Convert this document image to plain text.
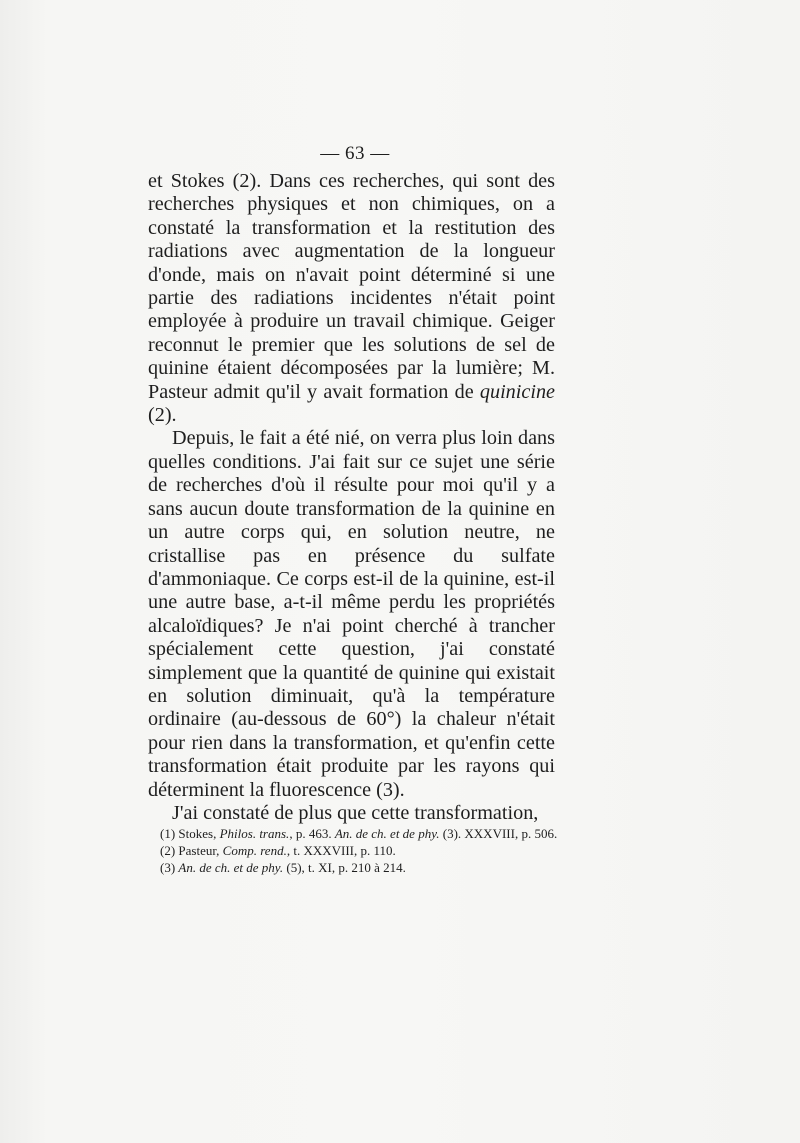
— 63 —

et Stokes (2). Dans ces recherches, qui sont des recherches physiques et non chimiques, on a constaté la transformation et la restitution des radiations avec augmentation de la longueur d'onde, mais on n'avait point déterminé si une partie des radiations incidentes n'était point employée à produire un travail chimique. Geiger reconnut le premier que les solutions de sel de quinine étaient décomposées par la lumière; M. Pasteur admit qu'il y avait formation de quinicine (2).

Depuis, le fait a été nié, on verra plus loin dans quelles conditions. J'ai fait sur ce sujet une série de recherches d'où il résulte pour moi qu'il y a sans aucun doute transformation de la quinine en un autre corps qui, en solution neutre, ne cristallise pas en présence du sulfate d'ammoniaque. Ce corps est-il de la quinine, est-il une autre base, a-t-il même perdu les propriétés alcaloïdiques? Je n'ai point cherché à trancher spécialement cette question, j'ai constaté simplement que la quantité de quinine qui existait en solution diminuait, qu'à la température ordinaire (au-dessous de 60°) la chaleur n'était pour rien dans la transformation, et qu'enfin cette transformation était produite par les rayons qui déterminent la fluorescence (3).

J'ai constaté de plus que cette transformation,

(1) Stokes, Philos. trans., p. 463. An. de ch. et de phy. (3). XXXVIII, p. 506.

(2) Pasteur, Comp. rend., t. XXXVIII, p. 110.

(3) An. de ch. et de phy. (5), t. XI, p. 210 à 214.
